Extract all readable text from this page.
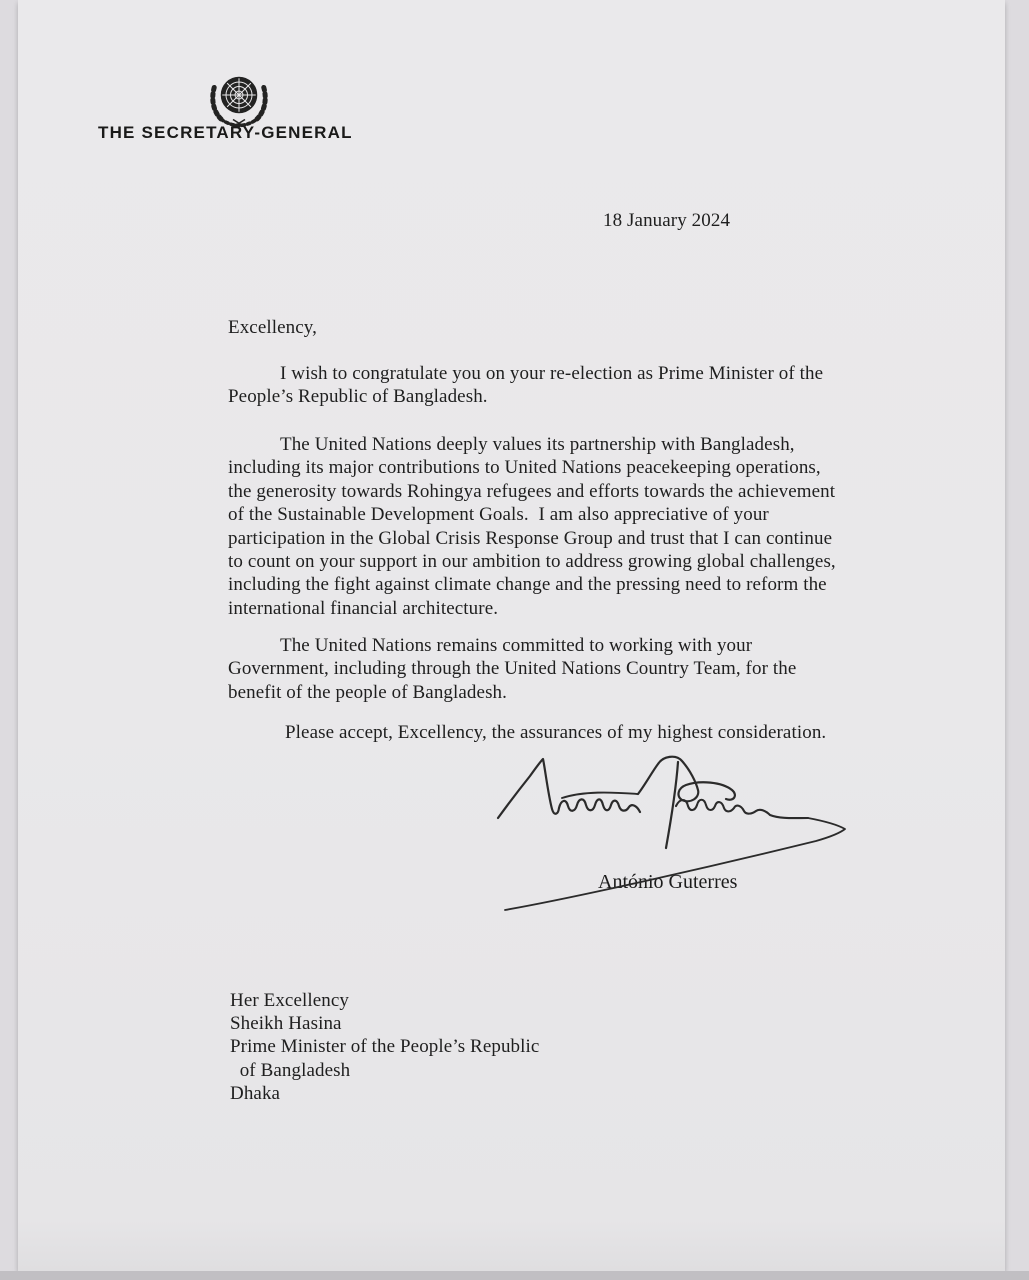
THE SECRETARY-GENERAL
18 January 2024
Excellency,
I wish to congratulate you on your re-election as Prime Minister of the
People’s Republic of Bangladesh.
The United Nations deeply values its partnership with Bangladesh,
including its major contributions to United Nations peacekeeping operations,
the generosity towards Rohingya refugees and efforts towards the achievement
of the Sustainable Development Goals.  I am also appreciative of your
participation in the Global Crisis Response Group and trust that I can continue
to count on your support in our ambition to address growing global challenges,
including the fight against climate change and the pressing need to reform the
international financial architecture.
The United Nations remains committed to working with your
Government, including through the United Nations Country Team, for the
benefit of the people of Bangladesh.
Please accept, Excellency, the assurances of my highest consideration.
António Guterres
Her Excellency
Sheikh Hasina
Prime Minister of the People’s Republic
of Bangladesh
Dhaka
